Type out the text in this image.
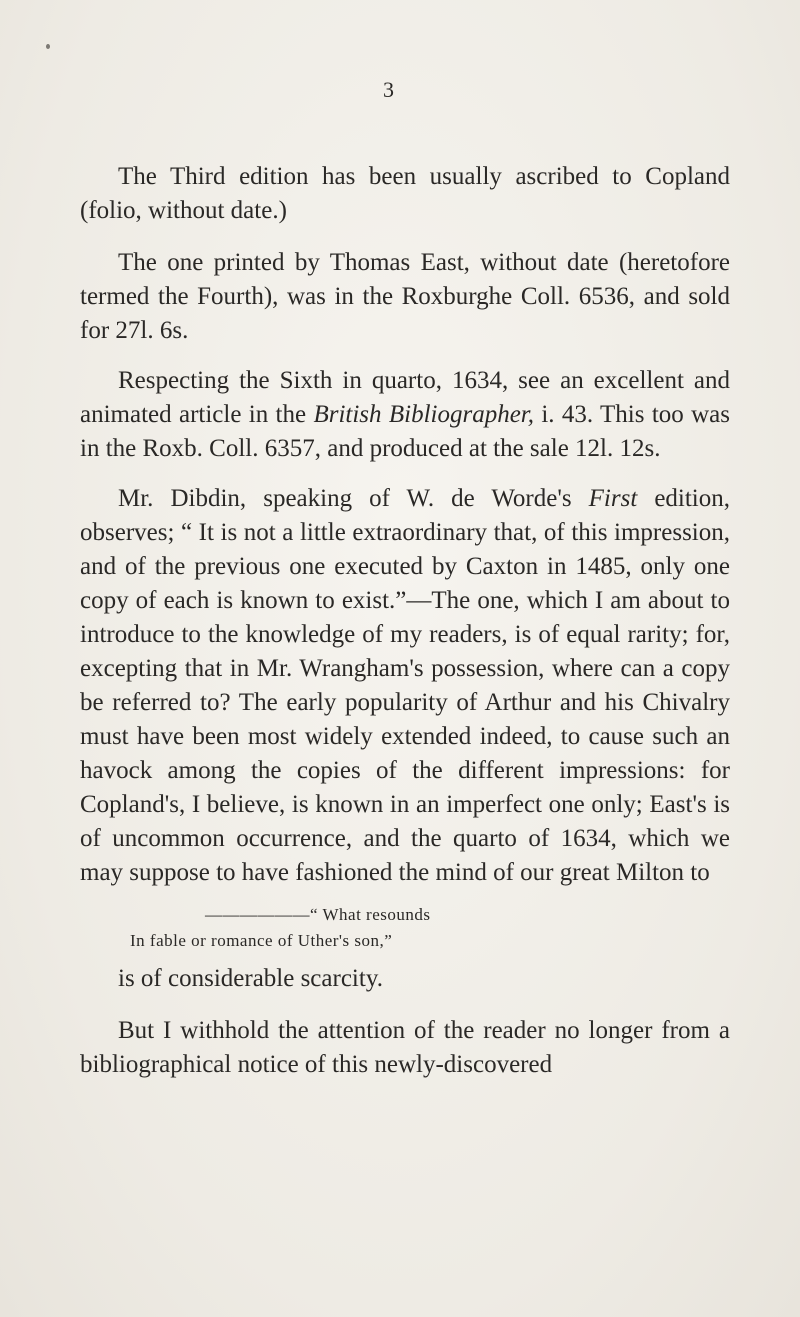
3

The Third edition has been usually ascribed to Copland (folio, without date.)

The one printed by Thomas East, without date (heretofore termed the Fourth), was in the Roxburghe Coll. 6536, and sold for 27l. 6s.

Respecting the Sixth in quarto, 1634, see an excellent and animated article in the British Bibliographer, i. 43. This too was in the Roxb. Coll. 6357, and produced at the sale 12l. 12s.

Mr. Dibdin, speaking of W. de Worde's First edition, observes; “ It is not a little extraordinary that, of this impression, and of the previous one executed by Caxton in 1485, only one copy of each is known to exist.”—The one, which I am about to introduce to the knowledge of my readers, is of equal rarity; for, excepting that in Mr. Wrangham's possession, where can a copy be referred to? The early popularity of Arthur and his Chivalry must have been most widely extended indeed, to cause such an havock among the copies of the different impressions: for Copland's, I believe, is known in an imperfect one only; East's is of uncommon occurrence, and the quarto of 1634, which we may suppose to have fashioned the mind of our great Milton to

——————“ What resounds
In fable or romance of Uther's son,”

is of considerable scarcity.

But I withhold the attention of the reader no longer from a bibliographical notice of this newly-discovered
